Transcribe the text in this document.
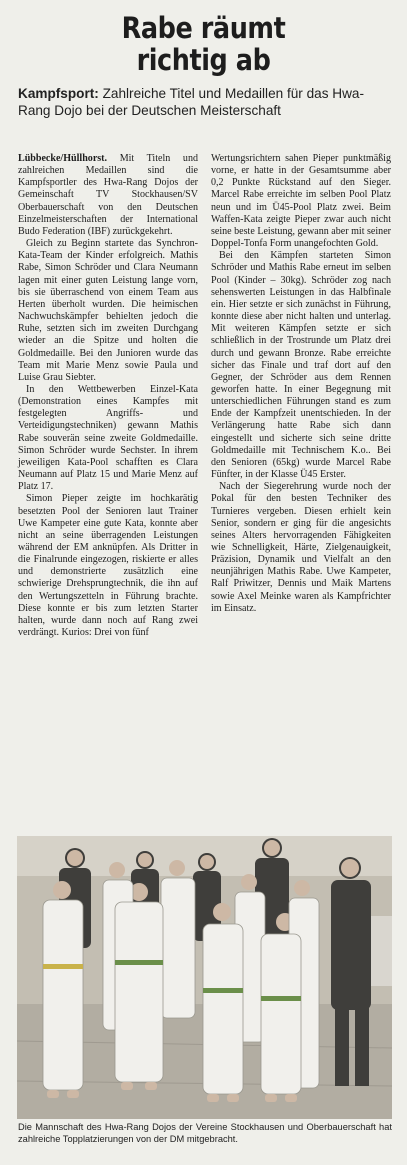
Rabe räumt
richtig ab
Kampfsport: Zahlreiche Titel und Medaillen für das Hwa-Rang Dojo bei der Deutschen Meisterschaft

Lübbecke/Hüllhorst. Mit Titeln und zahlreichen Medaillen sind die Kampfsportler des Hwa-Rang Dojos der Gemeinschaft TV Stockhausen/SV Oberbauerschaft von den Deutschen Einzelmeisterschaften der International Budo Federation (IBF) zurückgekehrt.

Gleich zu Beginn startete das Synchron-Kata-Team der Kinder erfolgreich. Mathis Rabe, Simon Schröder und Clara Neumann lagen mit einer guten Leistung lange vorn, bis sie überraschend von einem Team aus Herten überholt wurden. Die heimischen Nachwuchskämpfer behielten jedoch die Ruhe, setzten sich im zweiten Durchgang wieder an die Spitze und holten die Goldmedaille. Bei den Junioren wurde das Team mit Marie Menz sowie Paula und Luise Grau Siebter.

In den Wettbewerben Einzel-Kata (Demonstration eines Kampfes mit festgelegten Angriffs- und Verteidigungstechniken) gewann Mathis Rabe souverän seine zweite Goldmedaille. Simon Schröder wurde Sechster. In ihrem jeweiligen Kata-Pool schafften es Clara Neumann auf Platz 15 und Marie Menz auf Platz 17.

Simon Pieper zeigte im hochkarätig besetzten Pool der Senioren laut Trainer Uwe Kampeter eine gute Kata, konnte aber nicht an seine überragenden Leistungen während der EM anknüpfen. Als Dritter in die Finalrunde eingezogen, riskierte er alles und demonstrierte zusätzlich eine schwierige Drehsprungtechnik, die ihn auf den Wertungszetteln in Führung brachte. Diese konnte er bis zum letzten Starter halten, wurde dann noch auf Rang zwei verdrängt. Kurios: Drei von fünf

Wertungsrichtern sahen Pieper punktmäßig vorne, er hatte in der Gesamtsumme aber 0,2 Punkte Rückstand auf den Sieger. Marcel Rabe erreichte im selben Pool Platz neun und im Ü45-Pool Platz zwei. Beim Waffen-Kata zeigte Pieper zwar auch nicht seine beste Leistung, gewann aber mit seiner Doppel-Tonfa Form unangefochten Gold.

Bei den Kämpfen starteten Simon Schröder und Mathis Rabe erneut im selben Pool (Kinder – 30kg). Schröder zog nach sehenswerten Leistungen in das Halbfinale ein. Hier setzte er sich zunächst in Führung, konnte diese aber nicht halten und unterlag. Mit weiteren Kämpfen setzte er sich schließlich in der Trostrunde um Platz drei durch und gewann Bronze. Rabe erreichte sicher das Finale und traf dort auf den Gegner, der Schröder aus dem Rennen geworfen hatte. In einer Begegnung mit unterschiedlichen Führungen stand es zum Ende der Kampfzeit unentschieden. In der Verlängerung hatte Rabe sich dann eingestellt und sicherte sich seine dritte Goldmedaille mit Technischem K.o.. Bei den Senioren (65kg) wurde Marcel Rabe Fünfter, in der Klasse Ü45 Erster.

Nach der Siegerehrung wurde noch der Pokal für den besten Techniker des Turnieres vergeben. Diesen erhielt kein Senior, sondern er ging für die angesichts seines Alters hervorragenden Fähigkeiten wie Schnelligkeit, Härte, Zielgenauigkeit, Präzision, Dynamik und Vielfalt an den neunjährigen Mathis Rabe. Uwe Kampeter, Ralf Priwitzer, Dennis und Maik Martens sowie Axel Meinke waren als Kampfrichter im Einsatz.

Die Mannschaft des Hwa-Rang Dojos der Vereine Stockhausen und Oberbauerschaft hat zahlreiche Topplatzierungen von der DM mitgebracht.
